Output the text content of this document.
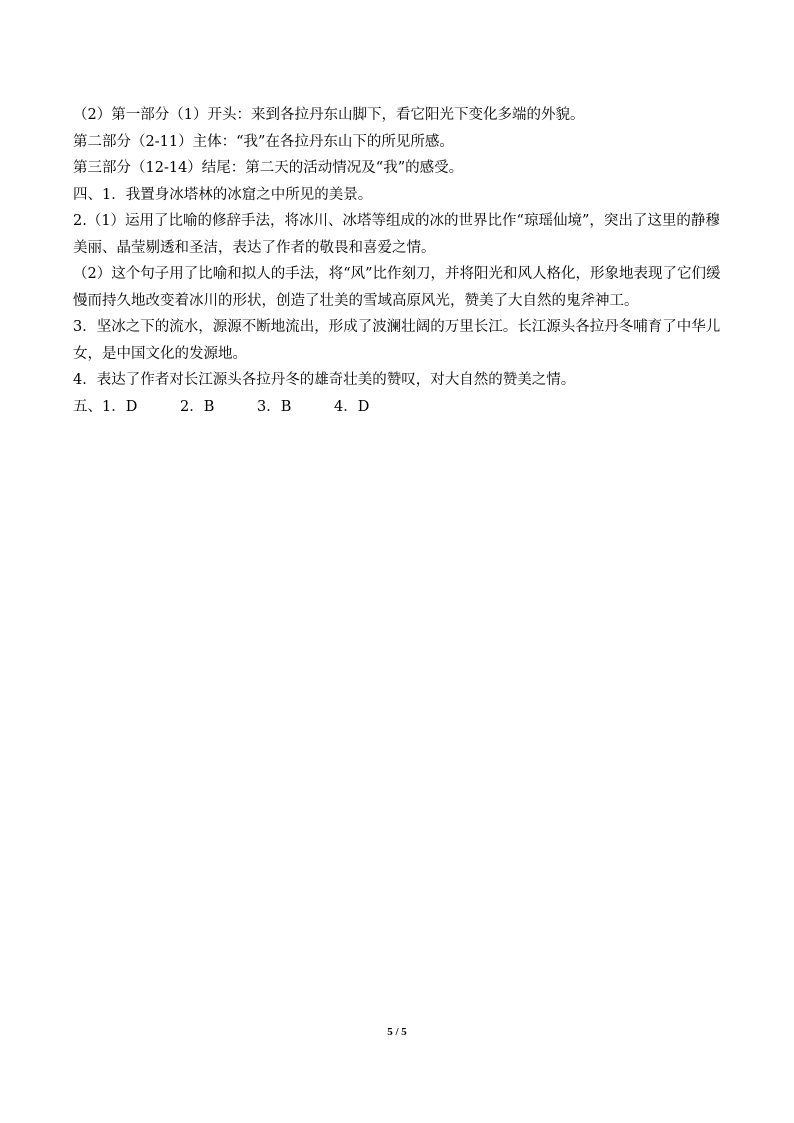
（2）第一部分（1）开头：来到各拉丹东山脚下，看它阳光下变化多端的外貌。
第二部分（2-11）主体：“我”在各拉丹东山下的所见所感。
第三部分（12-14）结尾：第二天的活动情况及“我”的感受。
四、1．我置身冰塔林的冰窟之中所见的美景。
2.（1）运用了比喻的修辞手法，将冰川、冰塔等组成的冰的世界比作“琼瑶仙境”，突出了这里的静穆美丽、晶莹剔透和圣洁，表达了作者的敬畏和喜爱之情。
（2）这个句子用了比喻和拟人的手法，将“风”比作刻刀，并将阳光和风人格化，形象地表现了它们缓慢而持久地改变着冰川的形状，创造了壮美的雪域高原风光，赞美了大自然的鬼斧神工。
3．坚冰之下的流水，源源不断地流出，形成了波澜壮阔的万里长江。长江源头各拉丹冬哺育了中华儿女，是中国文化的发源地。
4．表达了作者对长江源头各拉丹冬的雄奇壮美的赞叹，对大自然的赞美之情。
五、1．D	2．B	3．B	4．D
5 / 5
